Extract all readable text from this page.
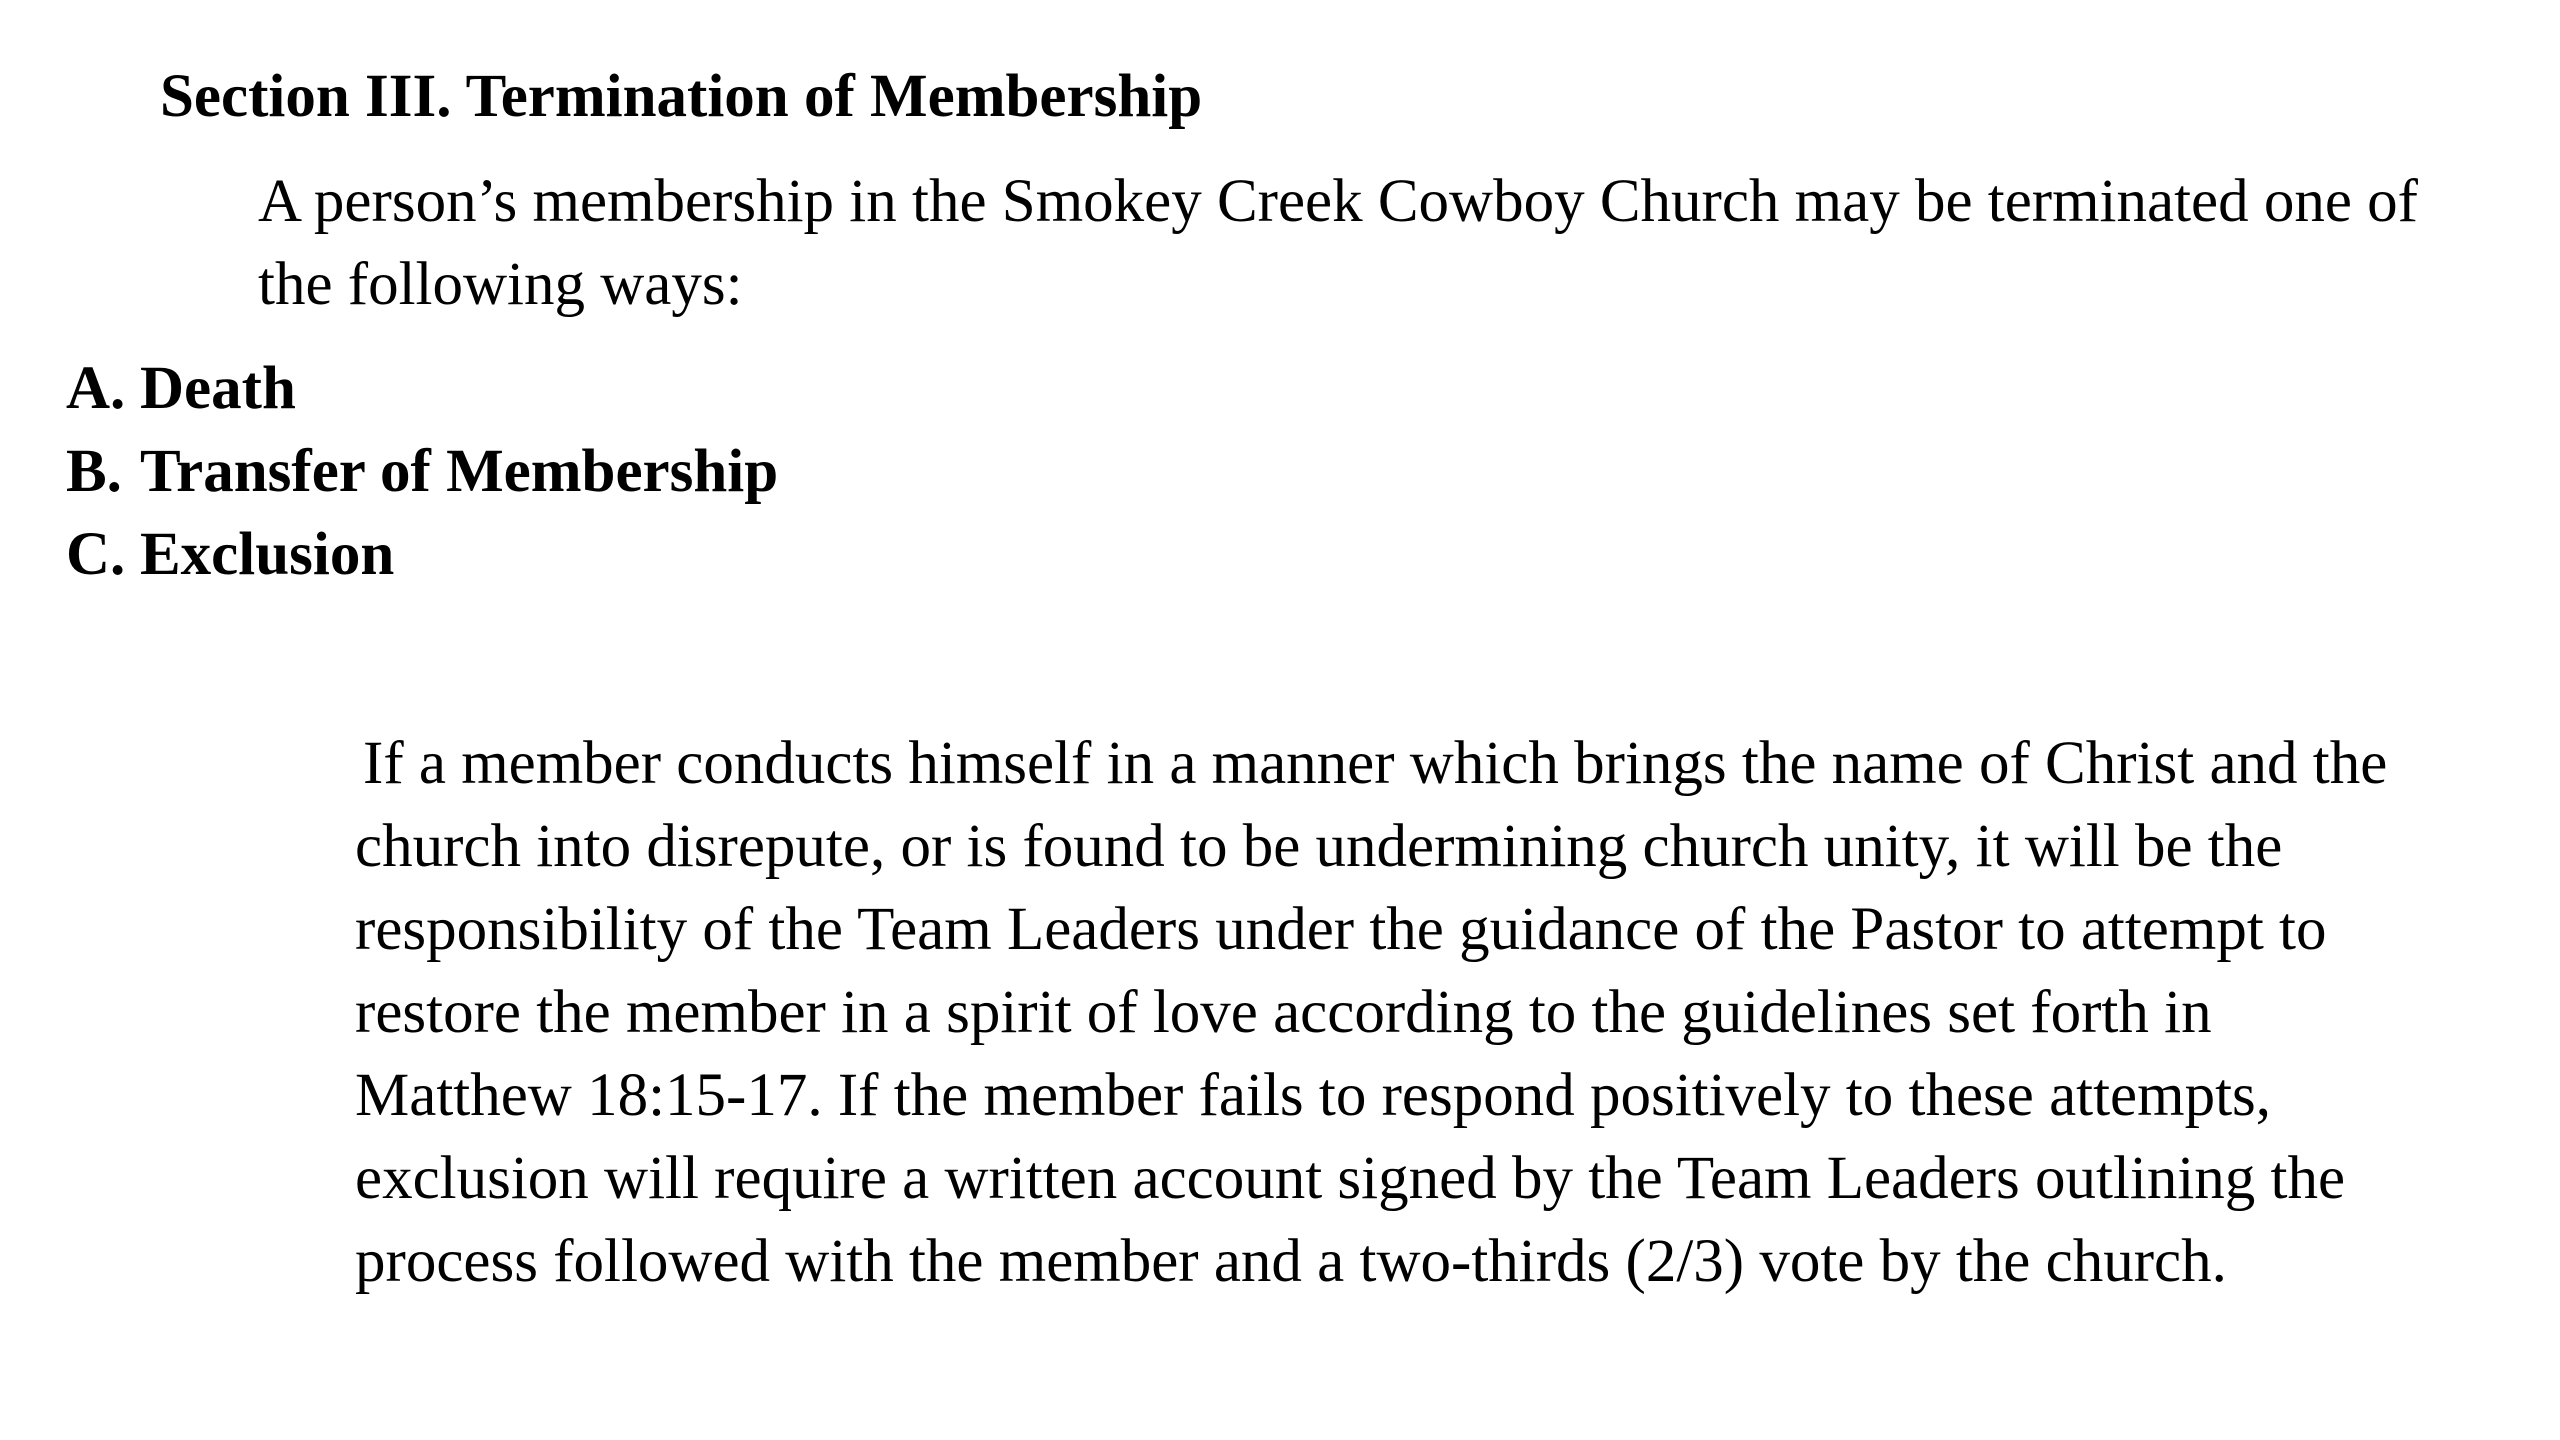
Section III. Termination of Membership

A person’s membership in the Smokey Creek Cowboy Church may be terminated one of the following ways:

A. Death
B. Transfer of Membership
C. Exclusion

If a member conducts himself in a manner which brings the name of Christ and the
church into disrepute, or is found to be undermining church unity, it will be the
responsibility of the Team Leaders under the guidance of the Pastor to attempt to
restore the member in a spirit of love according to the guidelines set forth in
Matthew 18:15-17. If the member fails to respond positively to these attempts,
exclusion will require a written account signed by the Team Leaders outlining the
process followed with the member and a two-thirds (2/3) vote by the church.
